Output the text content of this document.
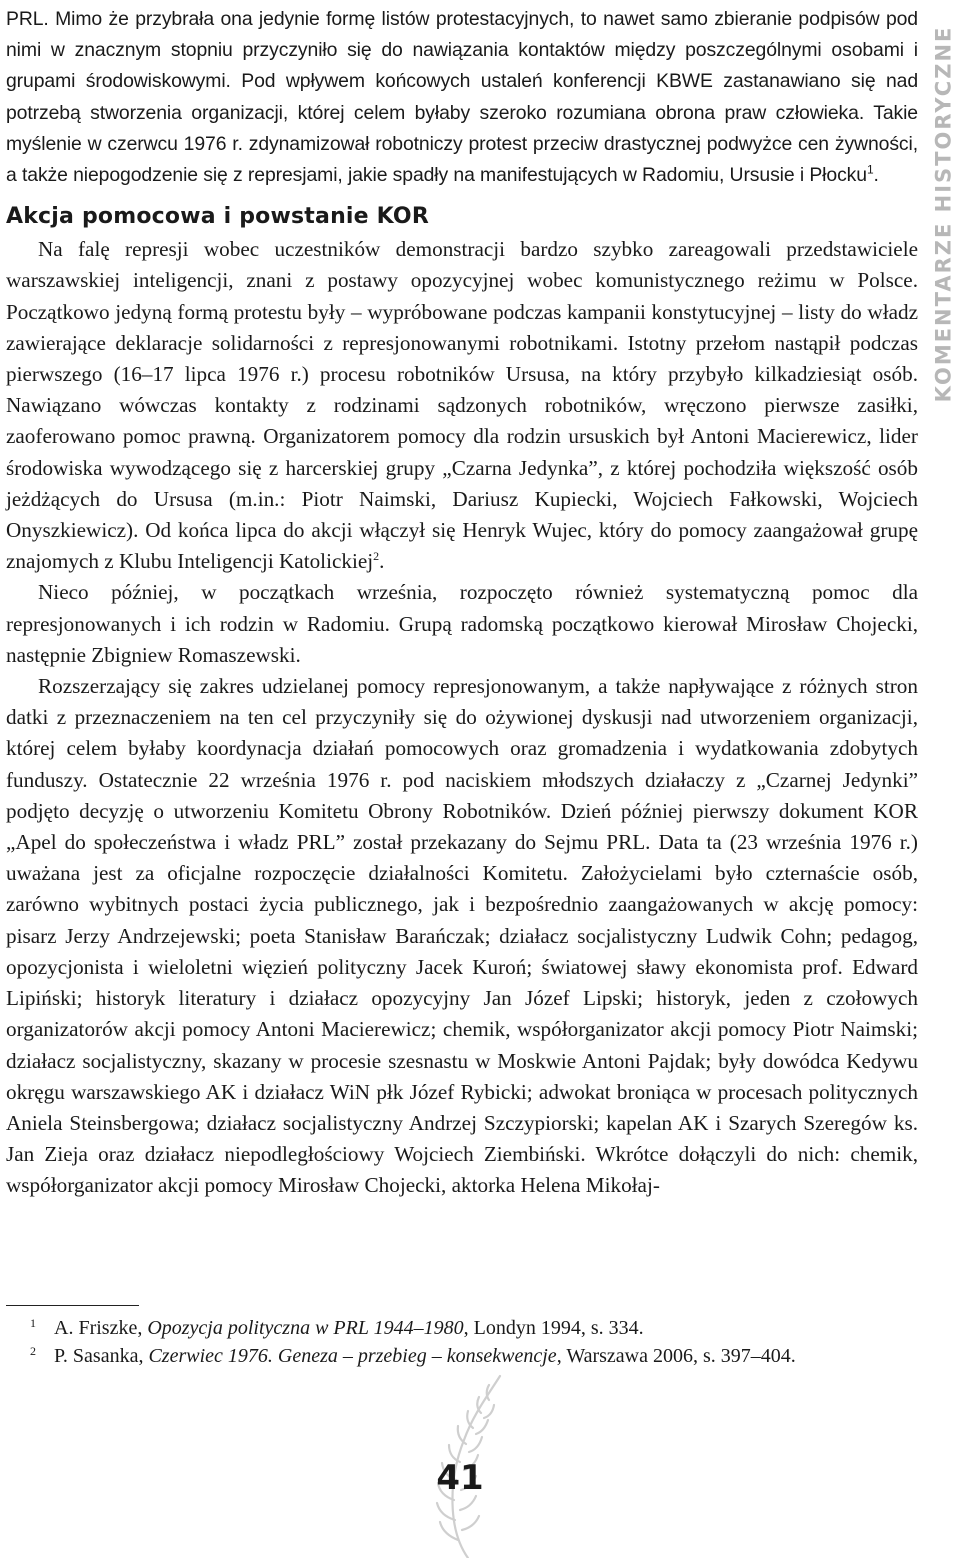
PRL. Mimo że przybrała ona jedynie formę listów protestacyjnych, to nawet samo zbieranie podpisów pod nimi w znacznym stopniu przyczyniło się do nawiązania kontaktów między poszczególnymi osobami i grupami środowiskowymi. Pod wpływem końcowych ustaleń konferencji KBWE zastanawiano się nad potrzebą stworzenia organizacji, której celem byłaby szeroko rozumiana obrona praw człowieka. Takie myślenie w czerwcu 1976 r. zdynamizował robotniczy protest przeciw drastycznej podwyżce cen żywności, a także niepogodzenie się z represjami, jakie spadły na manifestujących w Radomiu, Ursusie i Płocku$^1$.

Akcja pomocowa i powstanie KOR

Na falę represji wobec uczestników demonstracji bardzo szybko zareagowali przedstawiciele warszawskiej inteligencji, znani z postawy opozycyjnej wobec komunistycznego reżimu w Polsce. Początkowo jedyną formą protestu były – wypróbowane podczas kampanii konstytucyjnej – listy do władz zawierające deklaracje solidarności z represjonowanymi robotnikami. Istotny przełom nastąpił podczas pierwszego (16–17 lipca 1976 r.) procesu robotników Ursusa, na który przybyło kilkadziesiąt osób. Nawiązano wówczas kontakty z rodzinami sądzonych robotników, wręczono pierwsze zasiłki, zaoferowano pomoc prawną. Organizatorem pomocy dla rodzin ursuskich był Antoni Macierewicz, lider środowiska wywodzącego się z harcerskiej grupy „Czarna Jedynka”, z której pochodziła większość osób jeżdżących do Ursusa (m.in.: Piotr Naimski, Dariusz Kupiecki, Wojciech Fałkowski, Wojciech Onyszkiewicz). Od końca lipca do akcji włączył się Henryk Wujec, który do pomocy zaangażował grupę znajomych z Klubu Inteligencji Katolickiej$^2$.

Nieco później, w początkach września, rozpoczęto również systematyczną pomoc dla represjonowanych i ich rodzin w Radomiu. Grupą radomską początkowo kierował Mirosław Chojecki, następnie Zbigniew Romaszewski.

Rozszerzający się zakres udzielanej pomocy represjonowanym, a także napływające z różnych stron datki z przeznaczeniem na ten cel przyczyniły się do ożywionej dyskusji nad utworzeniem organizacji, której celem byłaby koordynacja działań pomocowych oraz gromadzenia i wydatkowania zdobytych funduszy. Ostatecznie 22 września 1976 r. pod naciskiem młodszych działaczy z „Czarnej Jedynki” podjęto decyzję o utworzeniu Komitetu Obrony Robotników. Dzień później pierwszy dokument KOR „Apel do społeczeństwa i władz PRL” został przekazany do Sejmu PRL. Data ta (23 września 1976 r.) uważana jest za oficjalne rozpoczęcie działalności Komitetu. Założycielami było czternaście osób, zarówno wybitnych postaci życia publicznego, jak i bezpośrednio zaangażowanych w akcję pomocy: pisarz Jerzy Andrzejewski; poeta Stanisław Barańczak; działacz socjalistyczny Ludwik Cohn; pedagog, opozycjonista i wieloletni więzień polityczny Jacek Kuroń; światowej sławy ekonomista prof. Edward Lipiński; historyk literatury i działacz opozycyjny Jan Józef Lipski; historyk, jeden z czołowych organizatorów akcji pomocy Antoni Macierewicz; chemik, współorganizator akcji pomocy Piotr Naimski; działacz socjalistyczny, skazany w procesie szesnastu w Moskwie Antoni Pajdak; były dowódca Kedywu okręgu warszawskiego AK i działacz WiN płk Józef Rybicki; adwokat broniąca w procesach politycznych Aniela Steinsbergowa; działacz socjalistyczny Andrzej Szczypiorski; kapelan AK i Szarych Szeregów ks. Jan Zieja oraz działacz niepodległościowy Wojciech Ziembiński. Wkrótce dołączyli do nich: chemik, współorganizator akcji pomocy Mirosław Chojecki, aktorka Helena Mikołaj-

KOMENTARZE HISTORYCZNE
1 A. Friszke, Opozycja polityczna w PRL 1944–1980, Londyn 1994, s. 334.
2 P. Sasanka, Czerwiec 1976. Geneza – przebieg – konsekwencje, Warszawa 2006, s. 397–404.
41
